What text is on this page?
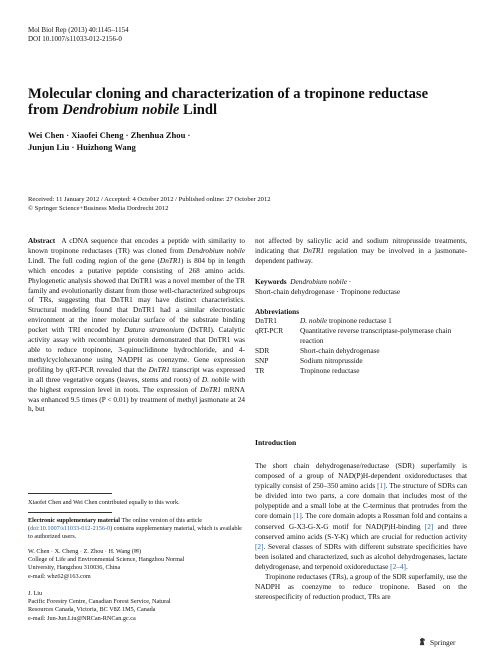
Mol Biol Rep (2013) 40:1145–1154
DOI 10.1007/s11033-012-2156-0
Molecular cloning and characterization of a tropinone reductase
from Dendrobium nobile Lindl
Wei Chen · Xiaofei Cheng · Zhenhua Zhou ·
Junjun Liu · Huizhong Wang
Received: 11 January 2012 / Accepted: 4 October 2012 / Published online: 27 October 2012
© Springer Science+Business Media Dordrecht 2012

Abstract A cDNA sequence that encodes a peptide with similarity to known tropinone reductases (TR) was cloned from Dendrobium nobile Lindl. The full coding region of the gene (DnTR1) is 804 bp in length which encodes a putative peptide consisting of 268 amino acids. Phylogenetic analysis showed that DnTR1 was a novel member of the TR family and evolutionarily distant from those well-characterized subgroups of TRs, suggesting that DnTR1 may have distinct characteristics. Structural modeling found that DnTR1 had a similar electrostatic environment at the inner molecular surface of the substrate binding pocket with TRI encoded by Datura stramonium (DsTRI). Catalytic activity assay with recombinant protein demonstrated that DnTR1 was able to reduce tropinone, 3-quinuclidinone hydrochloride, and 4-methylcyclohexanone using NADPH as coenzyme. Gene expression profiling by qRT-PCR revealed that the DnTR1 transcript was expressed in all three vegetative organs (leaves, stems and roots) of D. nobile with the highest expression level in roots. The expression of DnTR1 mRNA was enhanced 9.5 times (P < 0.01) by treatment of methyl jasmonate at 24 h, but

Xiaofei Chen and Wei Chen contributed equally to this work.
Electronic supplementary material The online version of this article (doi:10.1007/s11033-012-2156-0) contains supplementary material, which is available to authorized users.
W. Chen · X. Cheng · Z. Zhou · H. Wang (✉)
College of Life and Environmental Science, Hangzhou Normal
University, Hangzhou 310036, China
e-mail: whz62@163.com
J. Liu
Pacific Forestry Centre, Canadian Forest Service, Natural
Resources Canada, Victoria, BC V8Z 1M5, Canada
e-mail: Jun-Jun.Liu@NRCan-RNCan.gc.ca

not affected by salicylic acid and sodium nitroprusside treatments, indicating that DnTR1 regulation may be involved in a jasmonate-dependent pathway.

Keywords Dendrobium nobile ·
Short-chain dehydrogenase · Tropinone reductase
Abbreviations
DnTR1	D. nobile tropinone reductase 1
qRT-PCR	Quantitative reverse transcriptase-polymerase chain reaction
SDR	Short-chain dehydrogenase
SNP	Sodium nitroprusside
TR	Tropinone reductase
Introduction

The short chain dehydrogenase/reductase (SDR) superfamily is composed of a group of NAD(P)H-dependent oxidoreductases that typically consist of 250–350 amino acids [1]. The structure of SDRs can be divided into two parts, a core domain that includes most of the polypeptide and a small lobe at the C-terminus that protrudes from the core domain [1]. The core domain adopts a Rossman fold and contains a conserved G-X3-G-X-G motif for NAD(P)H-binding [2] and three conserved amino acids (S-Y-K) which are crucial for reduction activity [2]. Several classes of SDRs with different substrate specificities have been isolated and characterized, such as alcohol dehydrogenases, lactate dehydrogenase, and terpenoid oxidoreductase [2–4].

Tropinone reductases (TRs), a group of the SDR superfamily, use the NADPH as coenzyme to reduce tropinone. Based on the stereospecificity of reduction product, TRs are

Springer
